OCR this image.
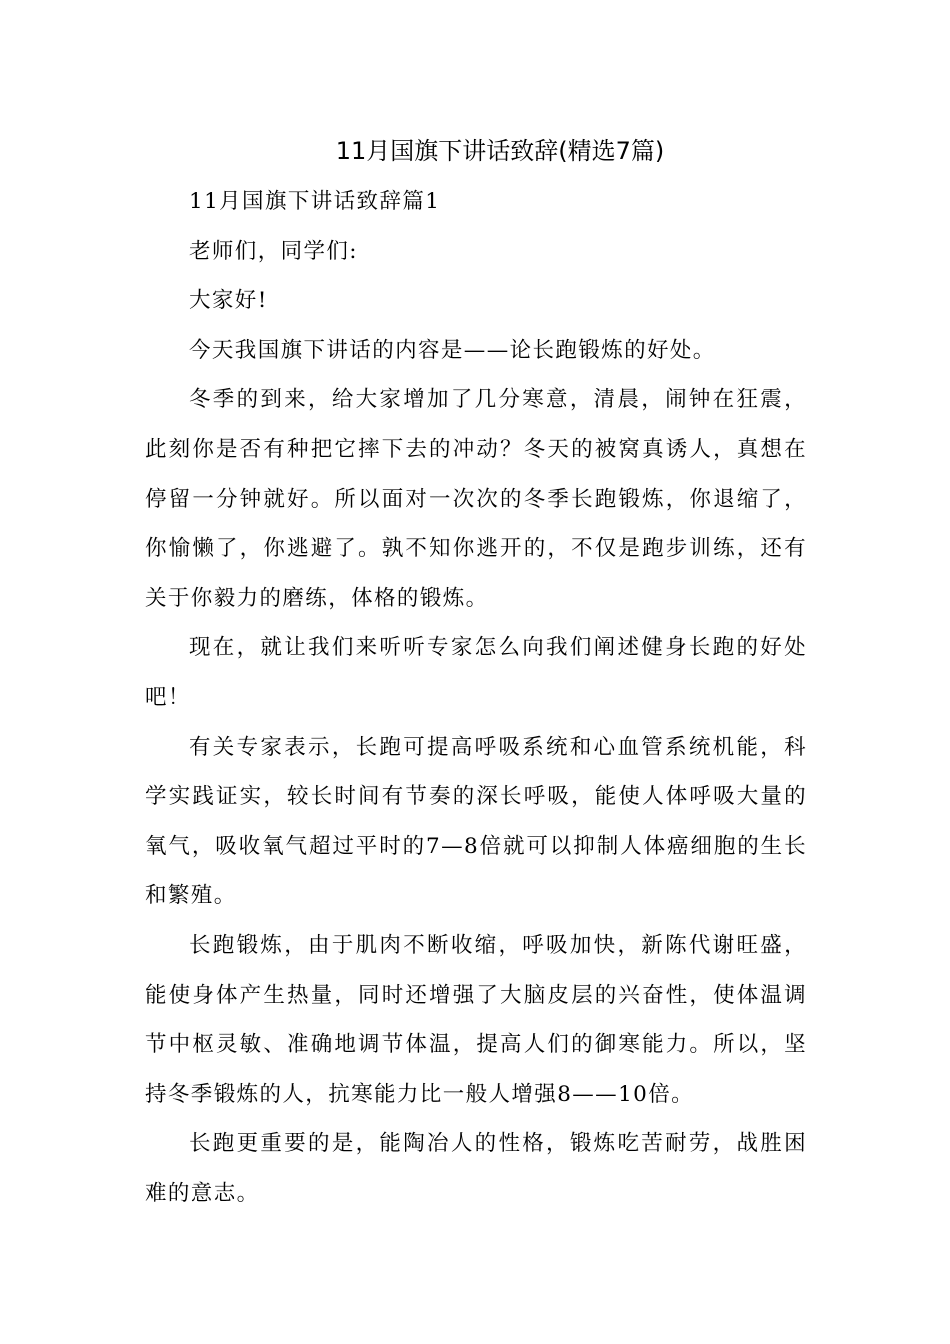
11月国旗下讲话致辞(精选7篇)

11月国旗下讲话致辞篇1

老师们，同学们:

大家好!

今天我国旗下讲话的内容是——论长跑锻炼的好处。

冬季的到来，给大家增加了几分寒意，清晨，闹钟在狂震，此刻你是否有种把它摔下去的冲动？冬天的被窝真诱人，真想在停留一分钟就好。所以面对一次次的冬季长跑锻炼，你退缩了，你愉懒了，你逃避了。孰不知你逃开的，不仅是跑步训练，还有关于你毅力的磨练，体格的锻炼。

现在，就让我们来听听专家怎么向我们阐述健身长跑的好处吧！

有关专家表示，长跑可提高呼吸系统和心血管系统机能，科学实践证实，较长时间有节奏的深长呼吸，能使人体呼吸大量的氧气，吸收氧气超过平时的7—8倍就可以抑制人体癌细胞的生长和繁殖。

长跑锻炼，由于肌肉不断收缩，呼吸加快，新陈代谢旺盛，能使身体产生热量，同时还增强了大脑皮层的兴奋性，使体温调节中枢灵敏、准确地调节体温，提高人们的御寒能力。所以，坚持冬季锻炼的人，抗寒能力比一般人增强8——10倍。

长跑更重要的是，能陶冶人的性格，锻炼吃苦耐劳，战胜困难的意志。
